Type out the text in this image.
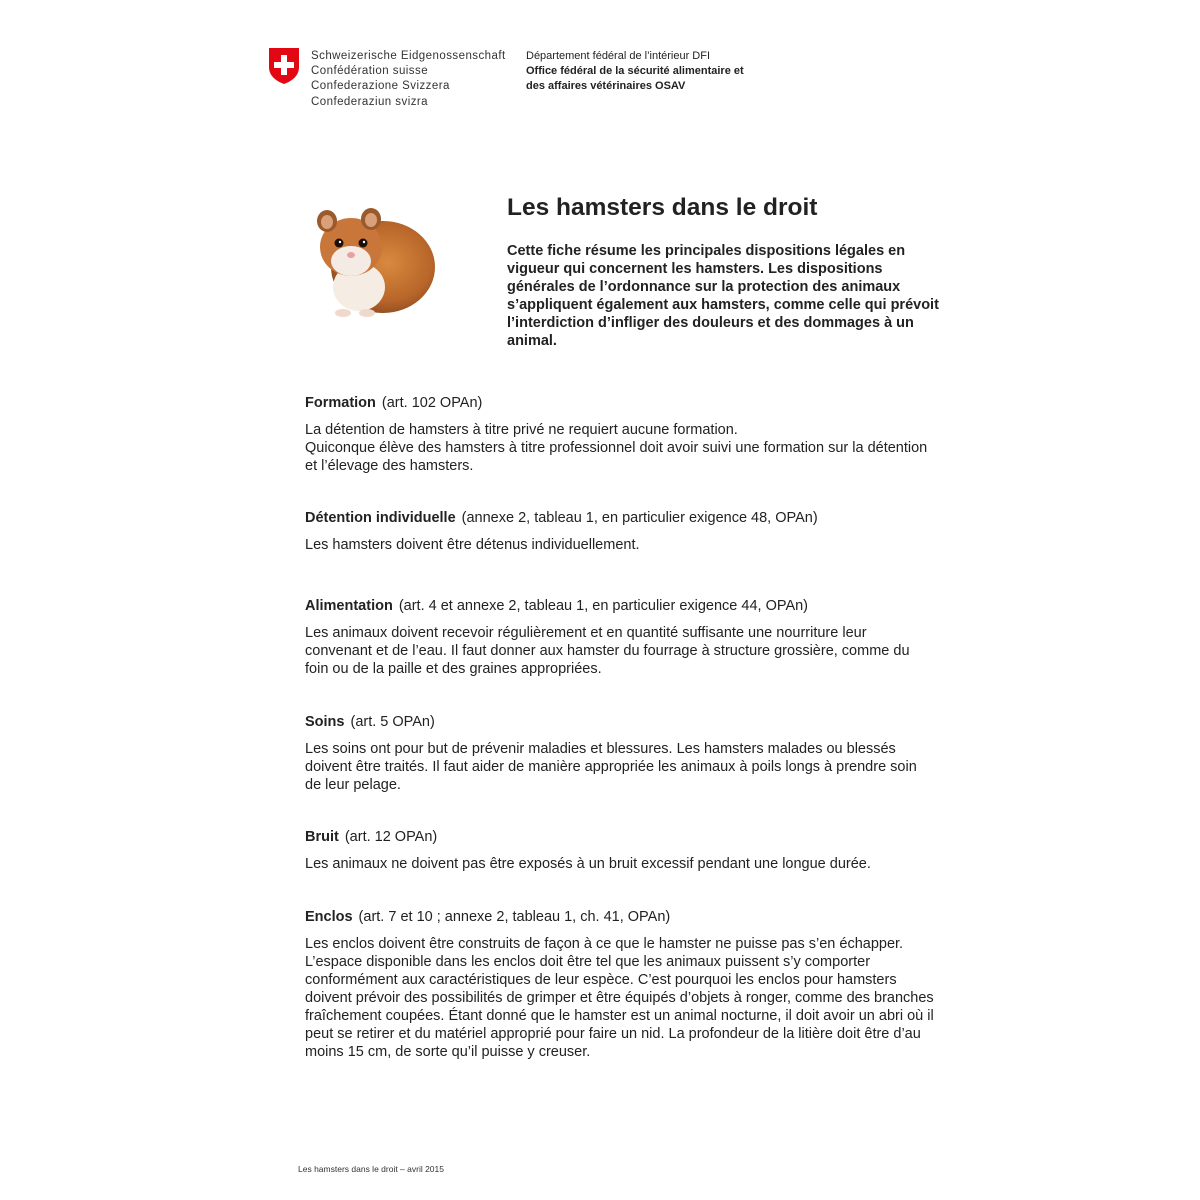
Schweizerische Eidgenossenschaft
Confédération suisse
Confederazione Svizzera
Confederaziun svizra
Département fédéral de l’intérieur DFI
Office fédéral de la sécurité alimentaire et
des affaires vétérinaires OSAV
Les hamsters dans le droit

Cette fiche résume les principales dispositions légales en vigueur qui concernent les hamsters. Les dispositions générales de l’ordonnance sur la protection des animaux s’appliquent également aux hamsters, comme celle qui prévoit l’interdiction d’infliger des douleurs et des dommages à un animal.

Formation (art. 102 OPAn)

La détention de hamsters à titre privé ne requiert aucune formation.

Quiconque élève des hamsters à titre professionnel doit avoir suivi une formation sur la détention et l’élevage des hamsters.

Détention individuelle (annexe 2, tableau 1, en particulier exigence 48, OPAn)

Les hamsters doivent être détenus individuellement.

Alimentation (art. 4 et annexe 2, tableau 1, en particulier exigence 44, OPAn)

Les animaux doivent recevoir régulièrement et en quantité suffisante une nourriture leur convenant et de l’eau. Il faut donner aux hamster du fourrage à structure grossière, comme du foin ou de la paille et des graines appropriées.

Soins (art. 5 OPAn)

Les soins ont pour but de prévenir maladies et blessures. Les hamsters malades ou blessés doivent être traités. Il faut aider de manière appropriée les animaux à poils longs à prendre soin de leur pelage.

Bruit (art. 12 OPAn)

Les animaux ne doivent pas être exposés à un bruit excessif pendant une longue durée.

Enclos (art. 7 et 10 ; annexe 2, tableau 1, ch. 41, OPAn)

Les enclos doivent être construits de façon à ce que le hamster ne puisse pas s’en échapper. L’espace disponible dans les enclos doit être tel que les animaux puissent s’y comporter conformément aux caractéristiques de leur espèce. C’est pourquoi les enclos pour hamsters doivent prévoir des possibilités de grimper et être équipés d’objets à ronger, comme des branches fraîchement coupées. Étant donné que le hamster est un animal nocturne, il doit avoir un abri où il peut se retirer et du matériel approprié pour faire un nid. La profondeur de la litière doit être d’au moins 15 cm, de sorte qu’il puisse y creuser.

Les hamsters dans le droit – avril 2015
